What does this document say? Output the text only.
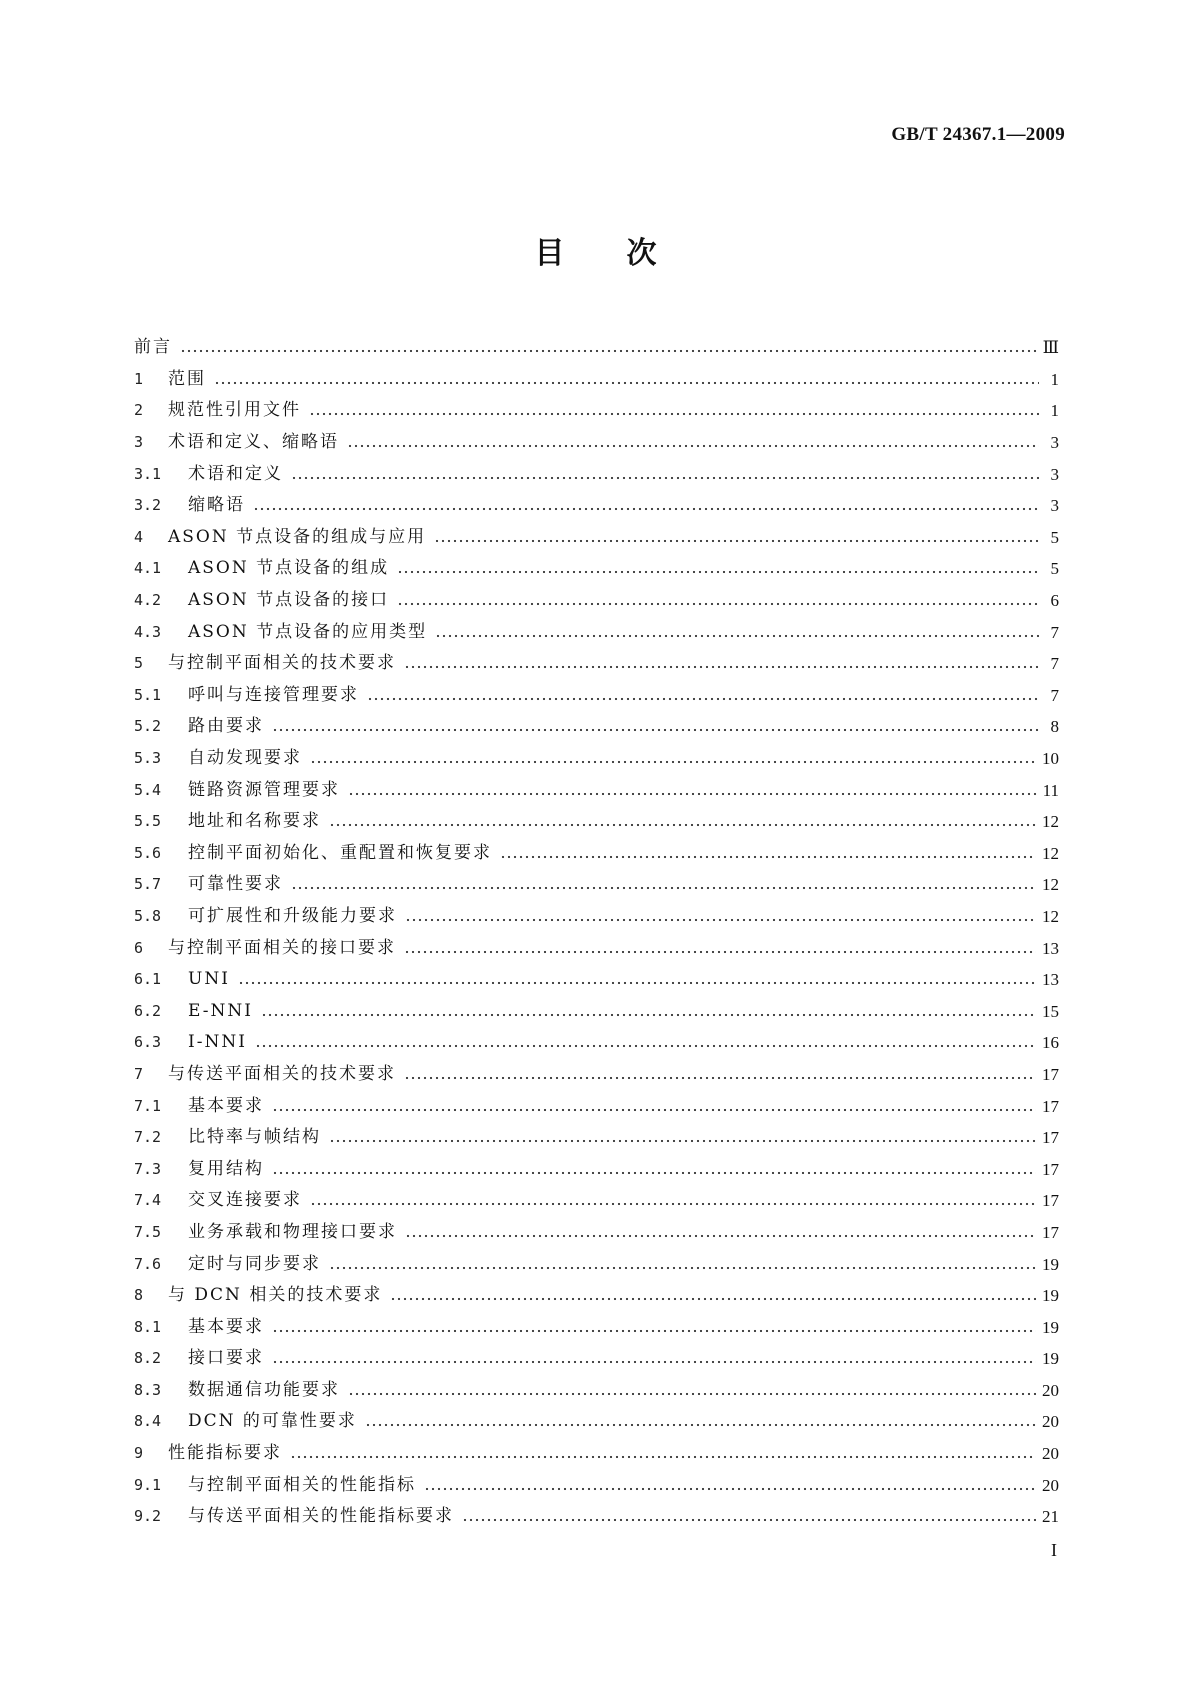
GB/T 24367.1—2009
目次
前言	Ⅲ
1	范围	1
2	规范性引用文件	1
3	术语和定义、缩略语	3
3.1	术语和定义	3
3.2	缩略语	3
4	ASON 节点设备的组成与应用	5
4.1	ASON 节点设备的组成	5
4.2	ASON 节点设备的接口	6
4.3	ASON 节点设备的应用类型	7
5	与控制平面相关的技术要求	7
5.1	呼叫与连接管理要求	7
5.2	路由要求	8
5.3	自动发现要求	10
5.4	链路资源管理要求	11
5.5	地址和名称要求	12
5.6	控制平面初始化、重配置和恢复要求	12
5.7	可靠性要求	12
5.8	可扩展性和升级能力要求	12
6	与控制平面相关的接口要求	13
6.1	UNI	13
6.2	E-NNI	15
6.3	I-NNI	16
7	与传送平面相关的技术要求	17
7.1	基本要求	17
7.2	比特率与帧结构	17
7.3	复用结构	17
7.4	交叉连接要求	17
7.5	业务承载和物理接口要求	17
7.6	定时与同步要求	19
8	与 DCN 相关的技术要求	19
8.1	基本要求	19
8.2	接口要求	19
8.3	数据通信功能要求	20
8.4	DCN 的可靠性要求	20
9	性能指标要求	20
9.1	与控制平面相关的性能指标	20
9.2	与传送平面相关的性能指标要求	21
I
